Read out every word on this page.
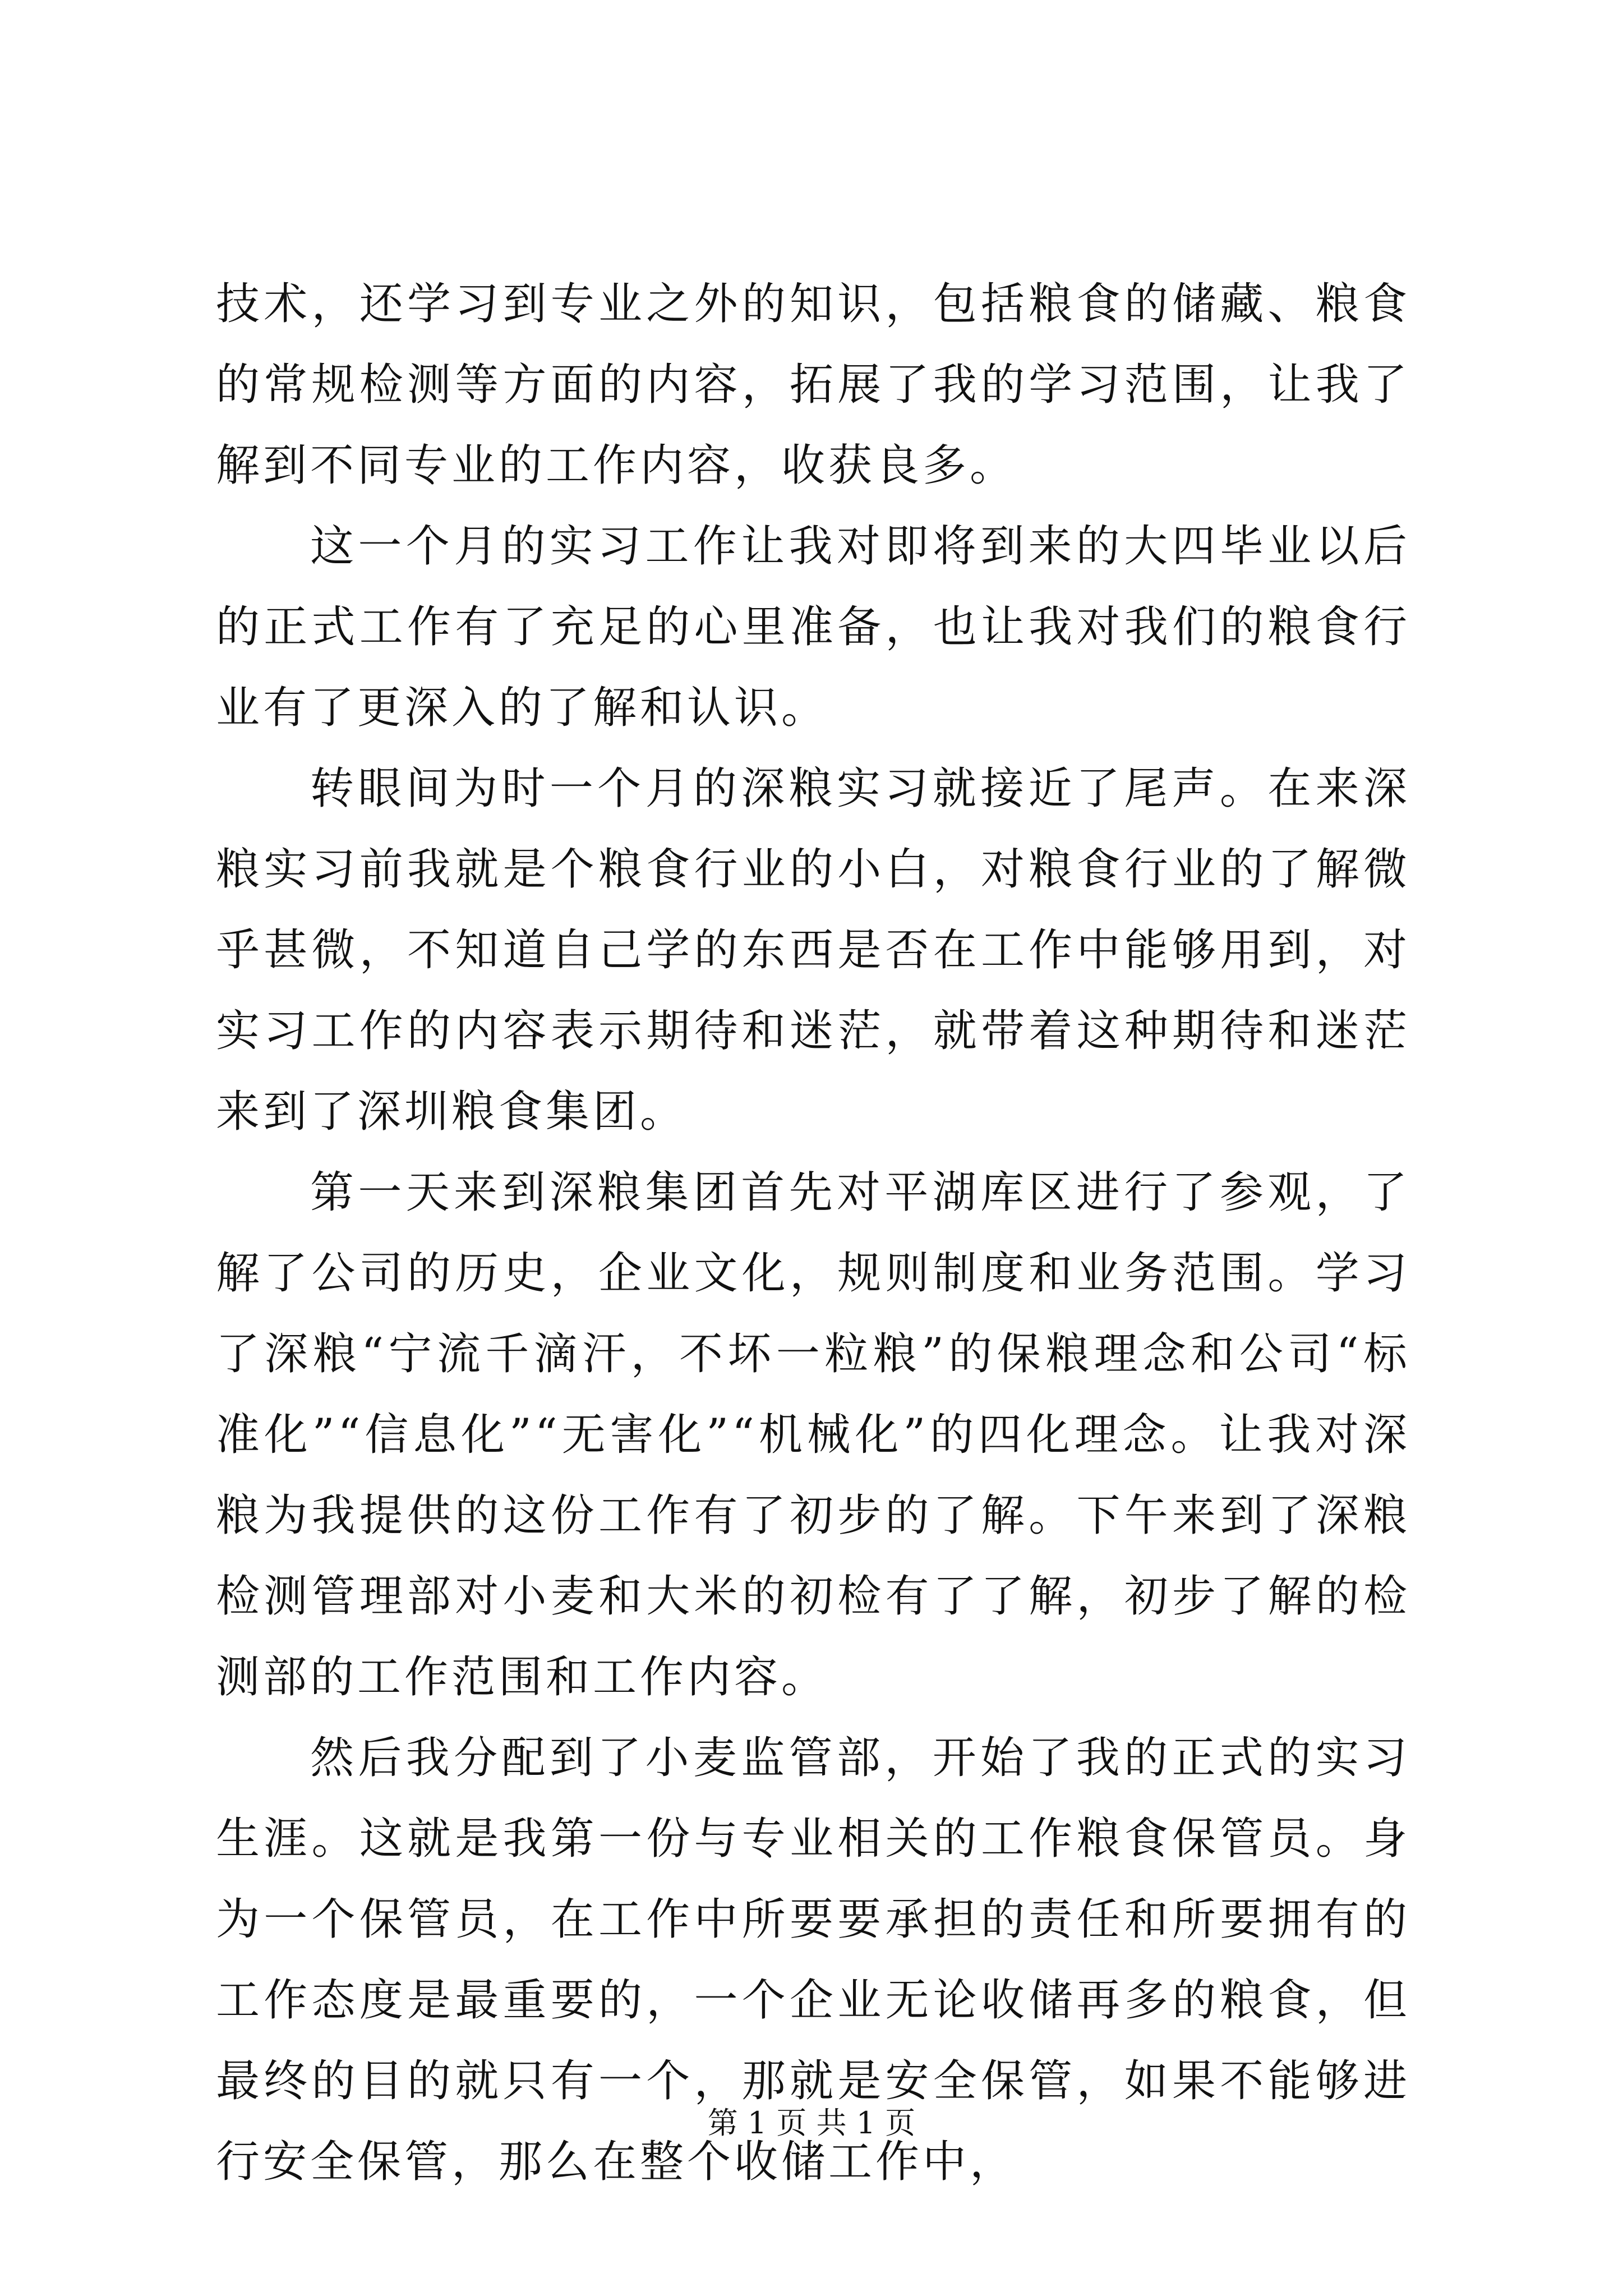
技术，还学习到专业之外的知识，包括粮食的储藏、粮食的常规检测等方面的内容，拓展了我的学习范围，让我了解到不同专业的工作内容，收获良多。

这一个月的实习工作让我对即将到来的大四毕业以后的正式工作有了充足的心里准备，也让我对我们的粮食行业有了更深入的了解和认识。

转眼间为时一个月的深粮实习就接近了尾声。在来深粮实习前我就是个粮食行业的小白，对粮食行业的了解微乎甚微，不知道自己学的东西是否在工作中能够用到，对实习工作的内容表示期待和迷茫，就带着这种期待和迷茫来到了深圳粮食集团。

第一天来到深粮集团首先对平湖库区进行了参观，了解了公司的历史，企业文化，规则制度和业务范围。学习了深粮“宁流千滴汗，不坏一粒粮”的保粮理念和公司“标准化”“信息化”“无害化”“机械化”的四化理念。让我对深粮为我提供的这份工作有了初步的了解。下午来到了深粮检测管理部对小麦和大米的初检有了了解，初步了解的检测部的工作范围和工作内容。

然后我分配到了小麦监管部，开始了我的正式的实习生涯。这就是我第一份与专业相关的工作粮食保管员。身为一个保管员，在工作中所要要承担的责任和所要拥有的工作态度是最重要的，一个企业无论收储再多的粮食，但最终的目的就只有一个，那就是安全保管，如果不能够进行安全保管，那么在整个收储工作中，

第 1 页 共 1 页
